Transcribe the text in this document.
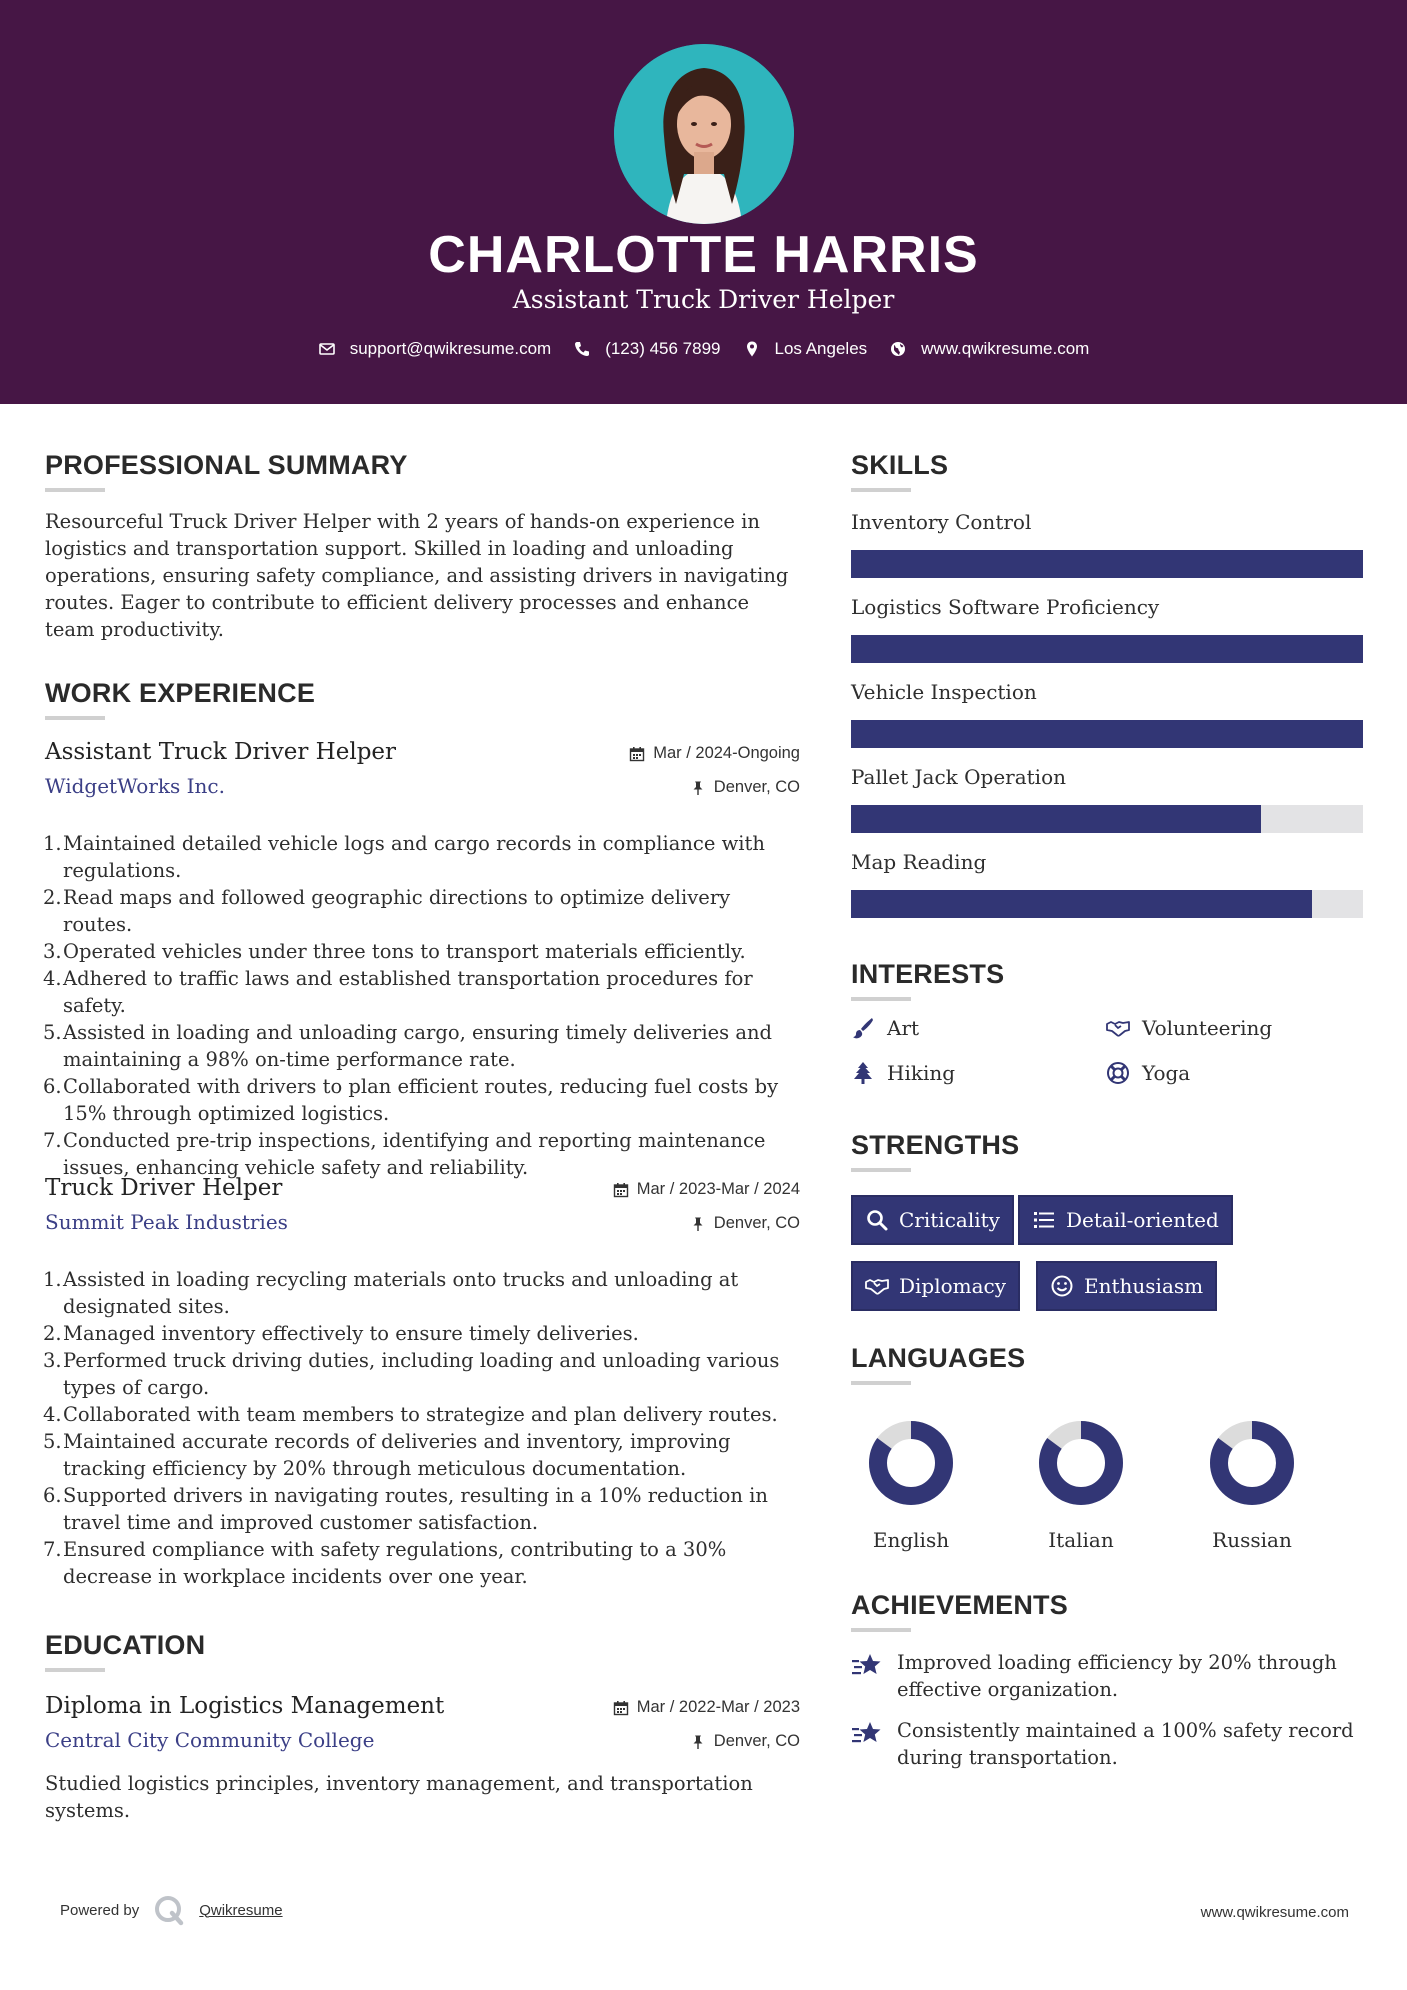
CHARLOTTE HARRIS
Assistant Truck Driver Helper
support@qwikresume.com	(123) 456 7899	Los Angeles	www.qwikresume.com
PROFESSIONAL SUMMARY

Resourceful Truck Driver Helper with 2 years of hands-on experience in logistics and transportation support. Skilled in loading and unloading operations, ensuring safety compliance, and assisting drivers in navigating routes. Eager to contribute to efficient delivery processes and enhance team productivity.

WORK EXPERIENCE
Assistant Truck Driver Helper
WidgetWorks Inc.
Mar / 2024-Ongoing
Denver, CO
1. Maintained detailed vehicle logs and cargo records in compliance with regulations.
2. Read maps and followed geographic directions to optimize delivery routes.
3. Operated vehicles under three tons to transport materials efficiently.
4. Adhered to traffic laws and established transportation procedures for safety.
5. Assisted in loading and unloading cargo, ensuring timely deliveries and maintaining a 98% on-time performance rate.
6. Collaborated with drivers to plan efficient routes, reducing fuel costs by 15% through optimized logistics.
7. Conducted pre-trip inspections, identifying and reporting maintenance issues, enhancing vehicle safety and reliability.
Truck Driver Helper
Summit Peak Industries
Mar / 2023-Mar / 2024
Denver, CO
1. Assisted in loading recycling materials onto trucks and unloading at designated sites.
2. Managed inventory effectively to ensure timely deliveries.
3. Performed truck driving duties, including loading and unloading various types of cargo.
4. Collaborated with team members to strategize and plan delivery routes.
5. Maintained accurate records of deliveries and inventory, improving tracking efficiency by 20% through meticulous documentation.
6. Supported drivers in navigating routes, resulting in a 10% reduction in travel time and improved customer satisfaction.
7. Ensured compliance with safety regulations, contributing to a 30% decrease in workplace incidents over one year.
EDUCATION
Diploma in Logistics Management
Central City Community College
Mar / 2022-Mar / 2023
Denver, CO

Studied logistics principles, inventory management, and transportation systems.

SKILLS
Inventory Control
Logistics Software Proficiency
Vehicle Inspection
Pallet Jack Operation
Map Reading
INTERESTS
Art	Volunteering
Hiking	Yoga
STRENGTHS
Criticality	Detail-oriented
Diplomacy	Enthusiasm
LANGUAGES
English	Italian	Russian
ACHIEVEMENTS
Improved loading efficiency by 20% through effective organization.
Consistently maintained a 100% safety record during transportation.
Powered by	Qwikresume	www.qwikresume.com
